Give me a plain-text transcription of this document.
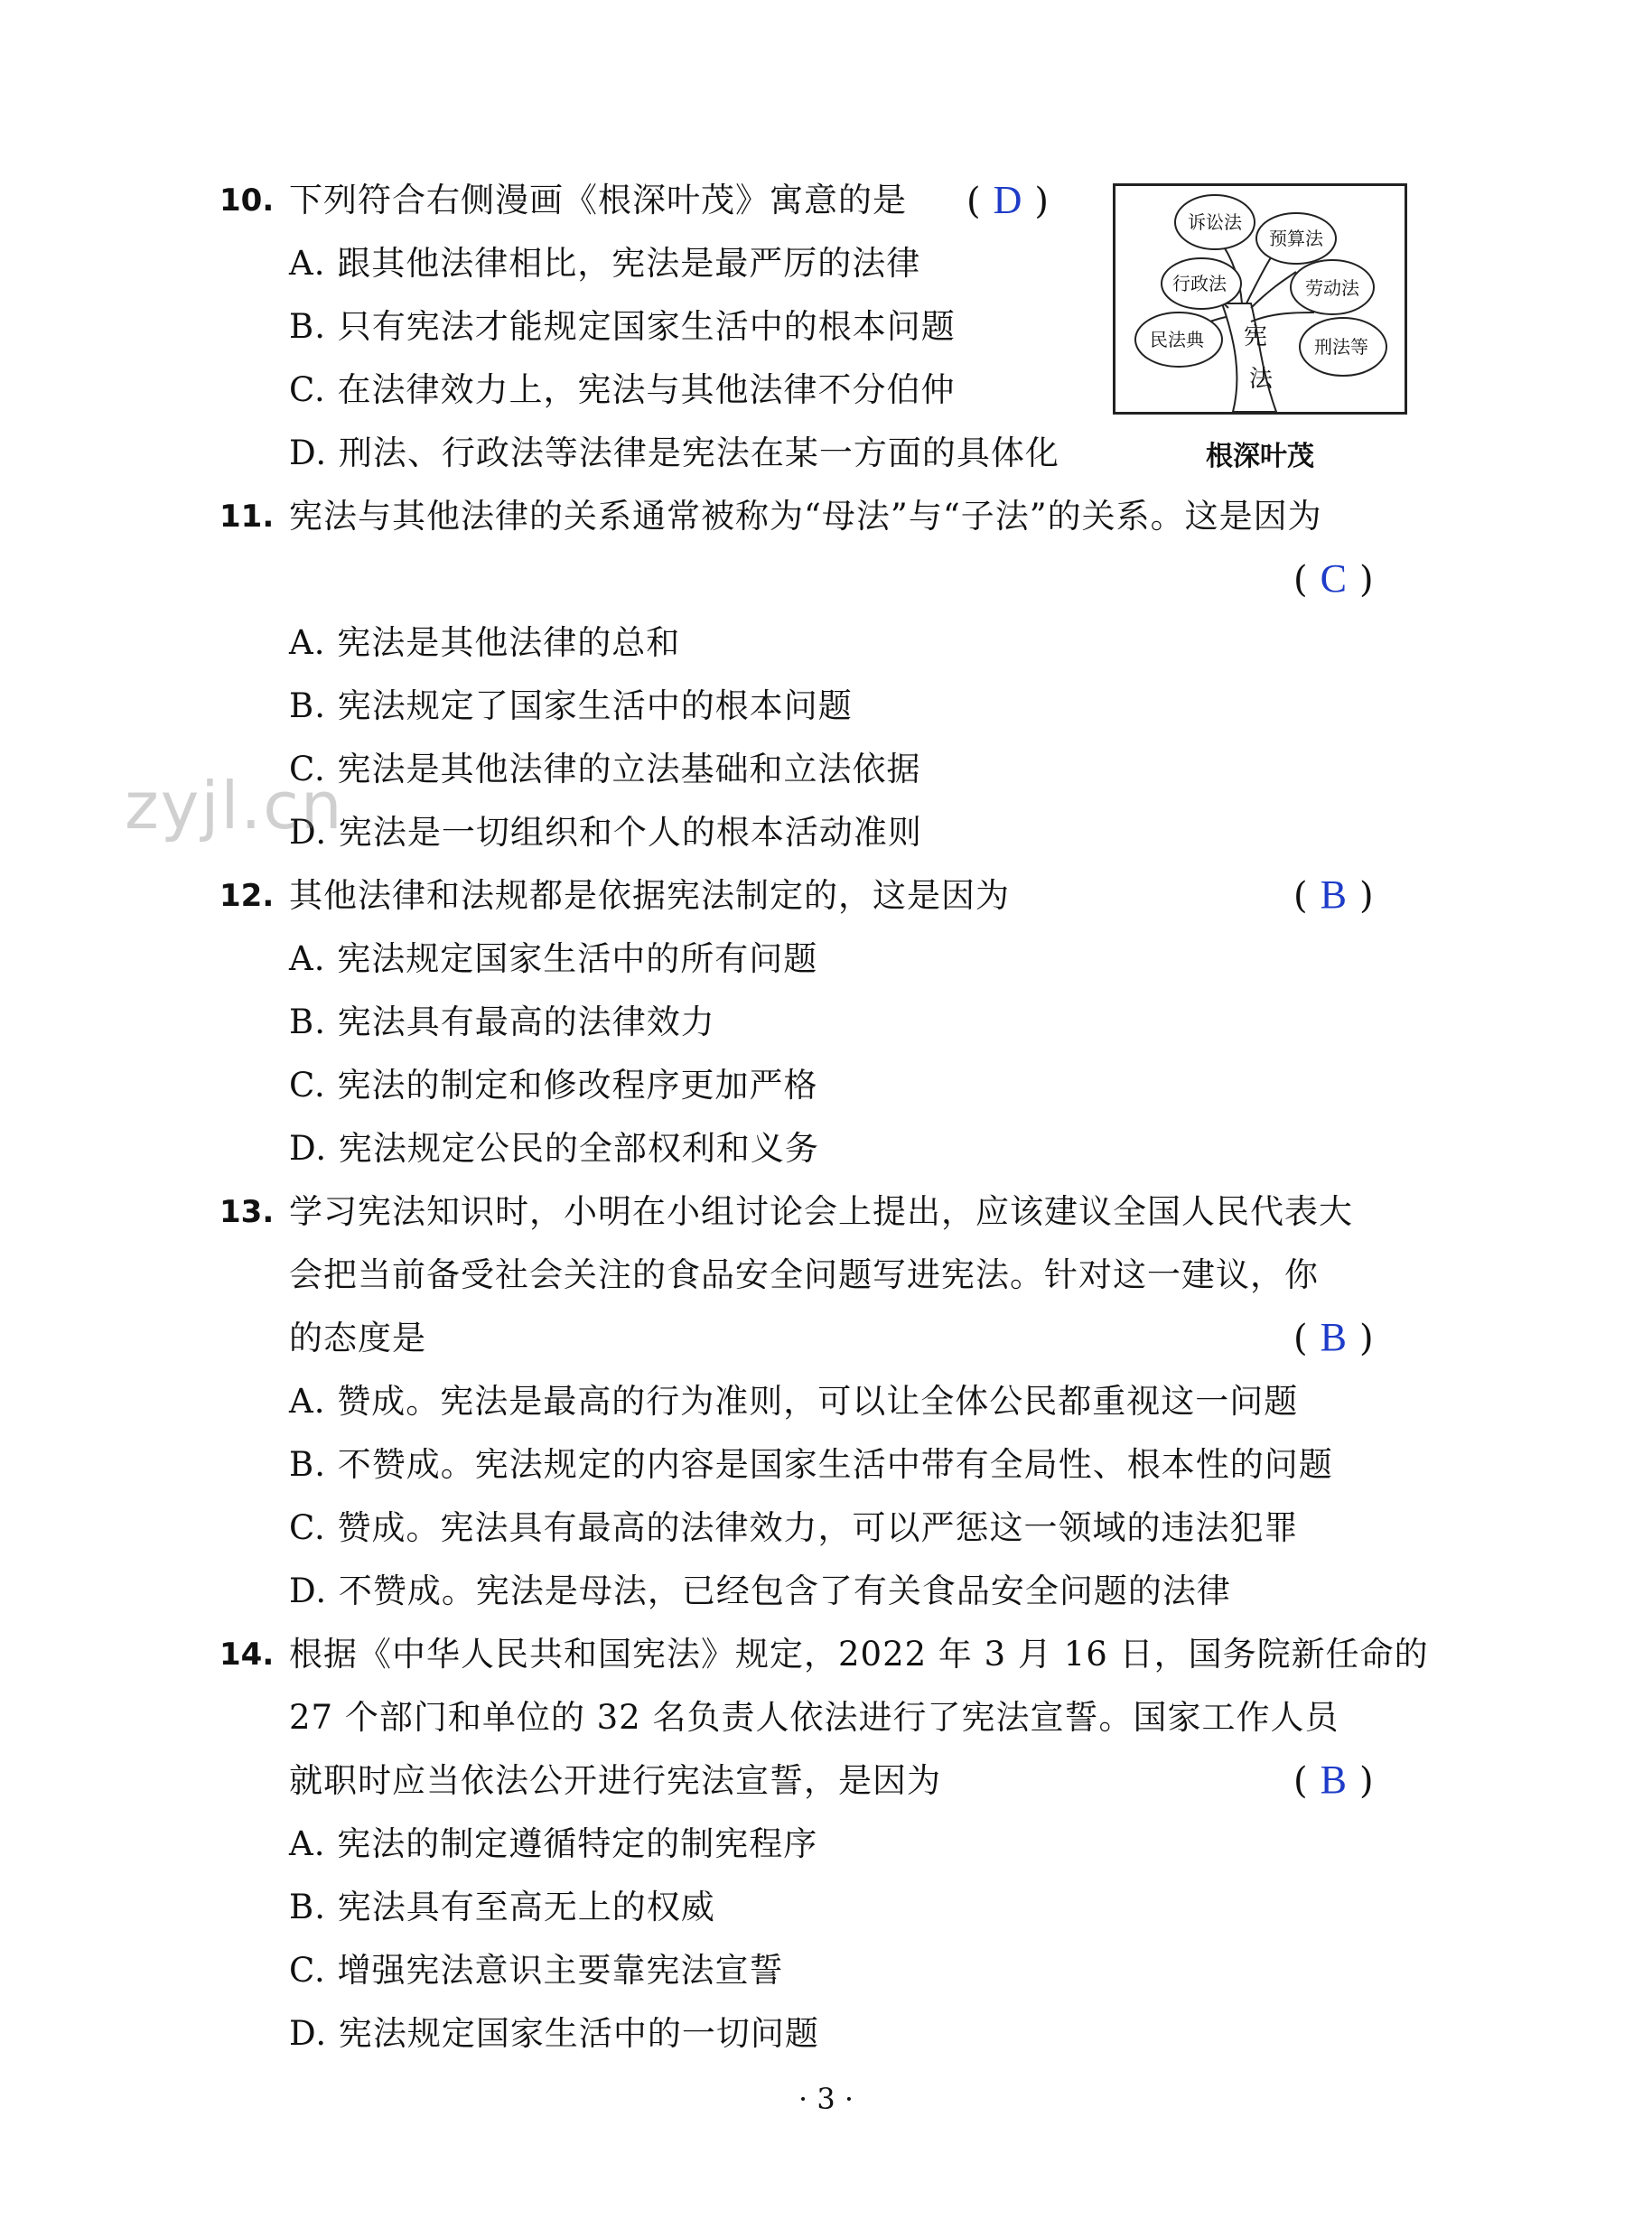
10. 下列符合右侧漫画《根深叶茂》寓意的是 ( D )
A. 跟其他法律相比，宪法是最严厉的法律
B. 只有宪法才能规定国家生活中的根本问题
C. 在法律效力上，宪法与其他法律不分伯仲
D. 刑法、行政法等法律是宪法在某一方面的具体化
诉讼法
预算法
行政法	劳动法
民法典	刑法等
宪
法
根深叶茂
11. 宪法与其他法律的关系通常被称为“母法”与“子法”的关系。这是因为
( C )
A. 宪法是其他法律的总和
B. 宪法规定了国家生活中的根本问题
C. 宪法是其他法律的立法基础和立法依据
D. 宪法是一切组织和个人的根本活动准则
zyjl.cn
12. 其他法律和法规都是依据宪法制定的，这是因为	( B )
A. 宪法规定国家生活中的所有问题
B. 宪法具有最高的法律效力
C. 宪法的制定和修改程序更加严格
D. 宪法规定公民的全部权利和义务
13. 学习宪法知识时，小明在小组讨论会上提出，应该建议全国人民代表大
会把当前备受社会关注的食品安全问题写进宪法。针对这一建议，你
的态度是	( B )
A. 赞成。宪法是最高的行为准则，可以让全体公民都重视这一问题
B. 不赞成。宪法规定的内容是国家生活中带有全局性、根本性的问题
C. 赞成。宪法具有最高的法律效力，可以严惩这一领域的违法犯罪
D. 不赞成。宪法是母法，已经包含了有关食品安全问题的法律
14. 根据《中华人民共和国宪法》规定，2022 年 3 月 16 日，国务院新任命的
27 个部门和单位的 32 名负责人依法进行了宪法宣誓。国家工作人员
就职时应当依法公开进行宪法宣誓，是因为	( B )
A. 宪法的制定遵循特定的制宪程序
B. 宪法具有至高无上的权威
C. 增强宪法意识主要靠宪法宣誓
D. 宪法规定国家生活中的一切问题
· 3 ·
